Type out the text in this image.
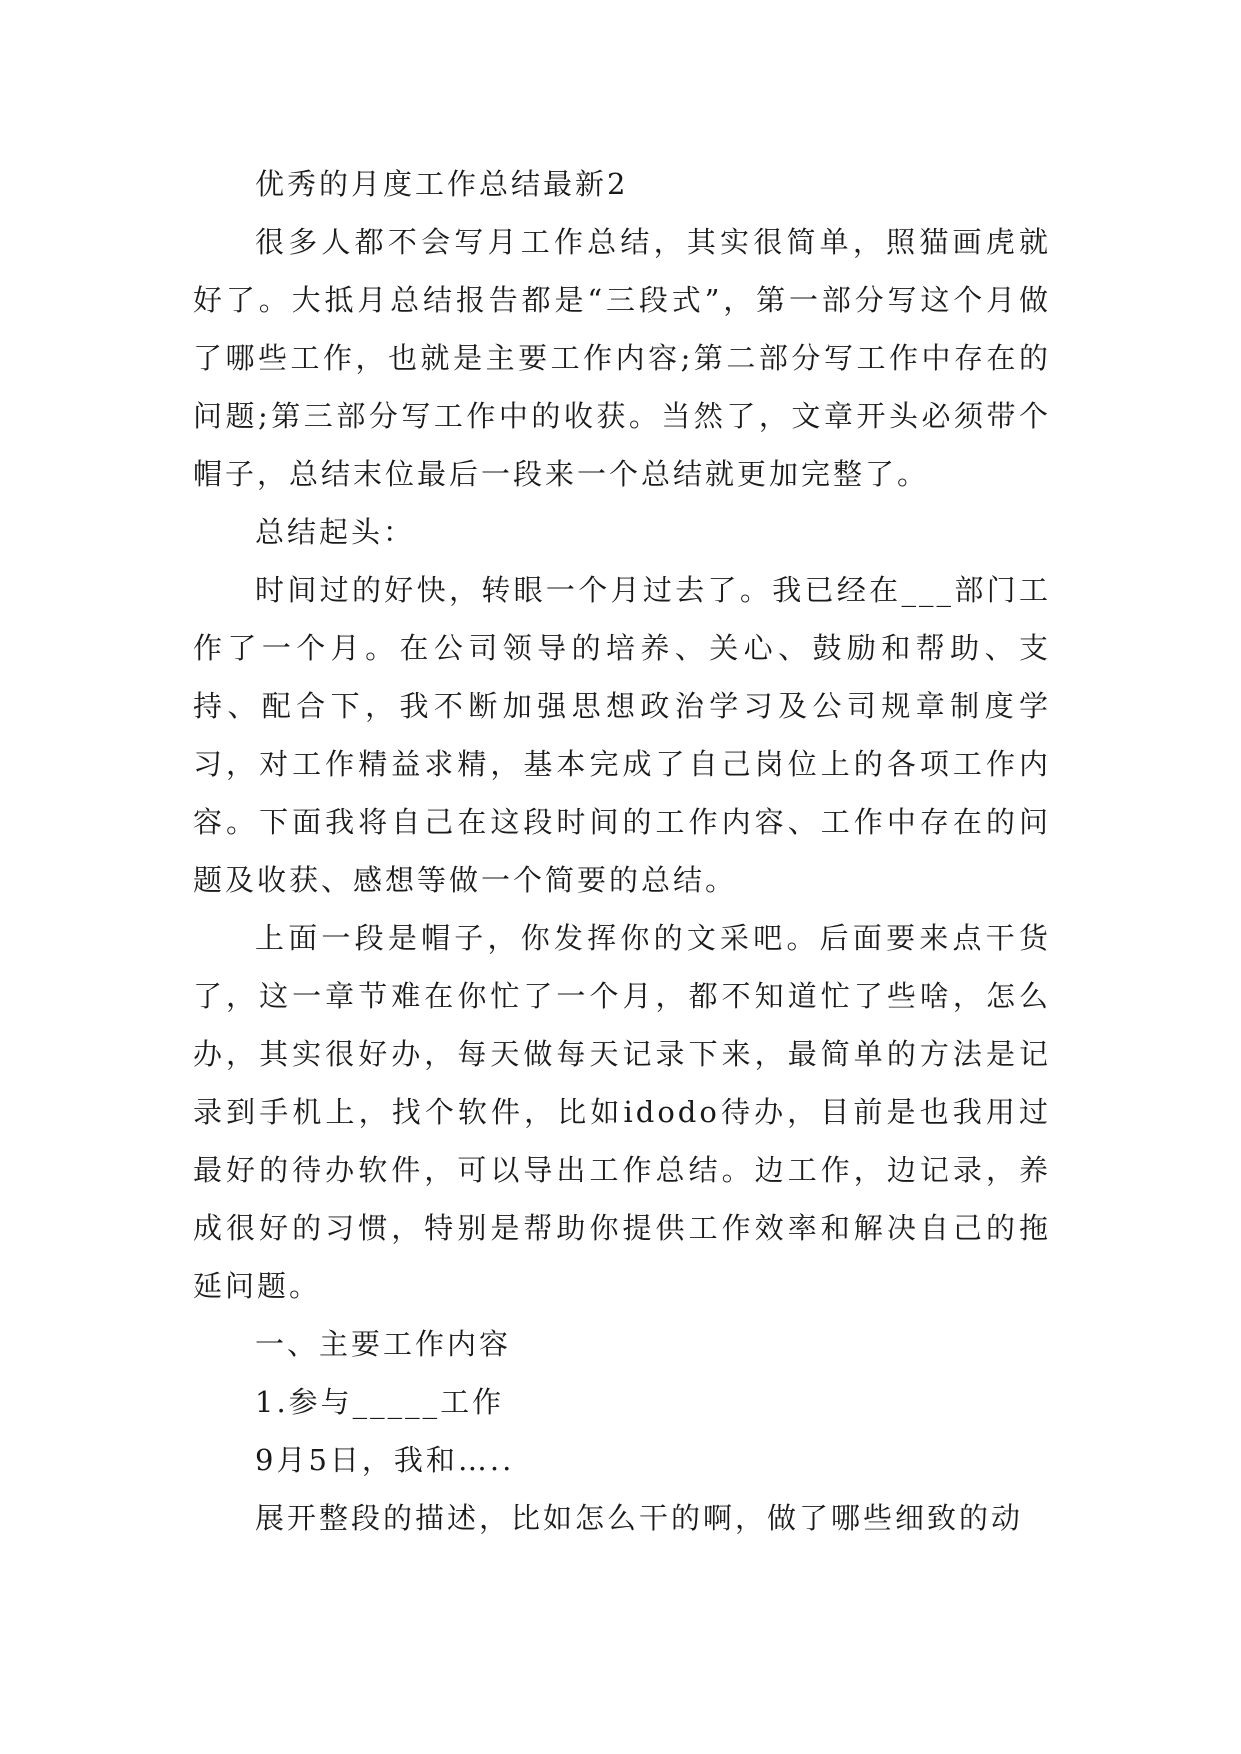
优秀的月度工作总结最新2

很多人都不会写月工作总结，其实很简单，照猫画虎就好了。大抵月总结报告都是“三段式”，第一部分写这个月做了哪些工作，也就是主要工作内容;第二部分写工作中存在的问题;第三部分写工作中的收获。当然了，文章开头必须带个帽子，总结末位最后一段来一个总结就更加完整了。

总结起头：

时间过的好快，转眼一个月过去了。我已经在___部门工作了一个月。在公司领导的培养、关心、鼓励和帮助、支持、配合下，我不断加强思想政治学习及公司规章制度学习，对工作精益求精，基本完成了自己岗位上的各项工作内容。下面我将自己在这段时间的工作内容、工作中存在的问题及收获、感想等做一个简要的总结。

上面一段是帽子，你发挥你的文采吧。后面要来点干货了，这一章节难在你忙了一个月，都不知道忙了些啥，怎么办，其实很好办，每天做每天记录下来，最简单的方法是记录到手机上，找个软件，比如idodo待办，目前是也我用过最好的待办软件，可以导出工作总结。边工作，边记录，养成很好的习惯，特别是帮助你提供工作效率和解决自己的拖延问题。

一、主要工作内容

1.参与_____工作

9月5日，我和…..

展开整段的描述，比如怎么干的啊，做了哪些细致的动
